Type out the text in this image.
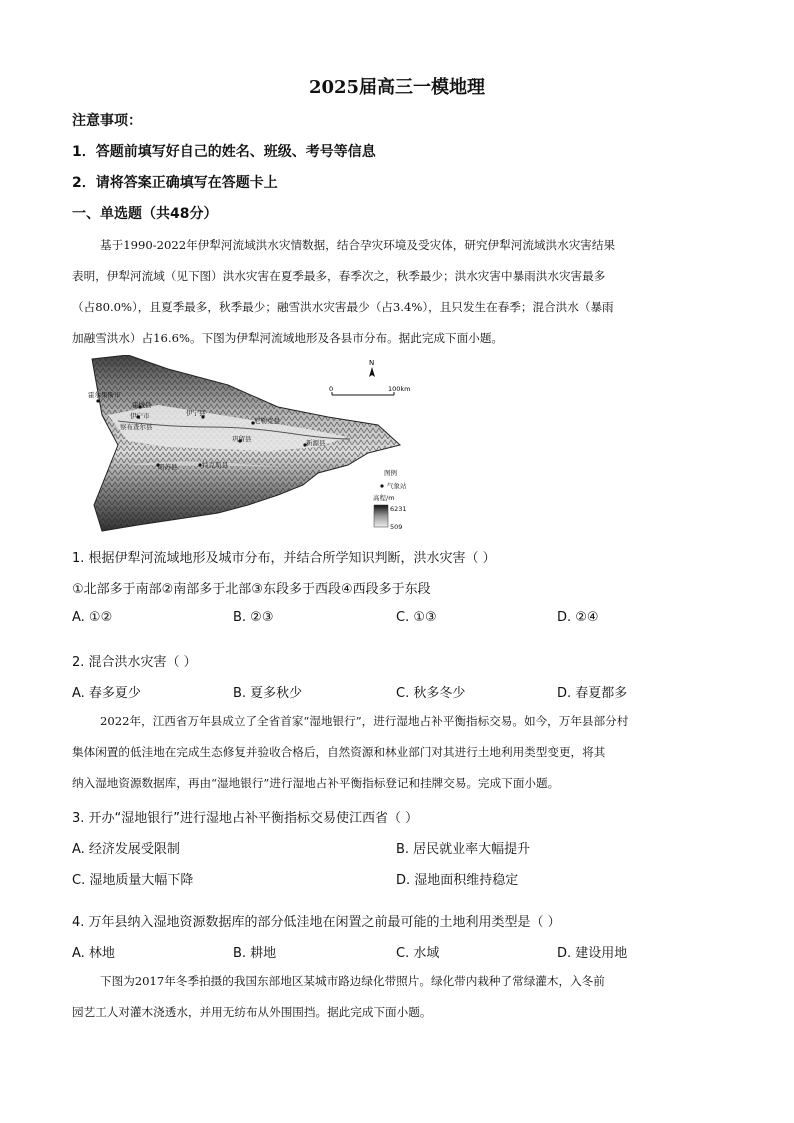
2025届高三一模地理
注意事项：
1．答题前填写好自己的姓名、班级、考号等信息
2．请将答案正确填写在答题卡上
一、单选题（共48分）
基于1990-2022年伊犁河流域洪水灾情数据，结合孕灾环境及受灾体，研究伊犁河流域洪水灾害结果
表明，伊犁河流域（见下图）洪水灾害在夏季最多，春季次之，秋季最少；洪水灾害中暴雨洪水灾害最多
（占80.0%），且夏季最多，秋季最少；融雪洪水灾害最少（占3.4%），且只发生在春季；混合洪水（暴雨
加融雪洪水）占16.6%。下图为伊犁河流域地形及各县市分布。据此完成下面小题。
霍尔果斯市
霍城县
伊宁市	伊宁县
尼勒克县
察布查尔县
巩留县	新源县
昭苏县	特克斯县
N
0	100km
图例
气象站
高程/m
6231
509
1. 根据伊犁河流域地形及城市分布，并结合所学知识判断，洪水灾害（ ）
①北部多于南部②南部多于北部③东段多于西段④西段多于东段
A. ①②	B. ②③	C. ①③	D. ②④
2. 混合洪水灾害（ ）
A. 春多夏少	B. 夏多秋少	C. 秋多冬少	D. 春夏都多
2022年，江西省万年县成立了全省首家“湿地银行”，进行湿地占补平衡指标交易。如今，万年县部分村
集体闲置的低洼地在完成生态修复并验收合格后，自然资源和林业部门对其进行土地利用类型变更，将其
纳入湿地资源数据库，再由“湿地银行”进行湿地占补平衡指标登记和挂牌交易。完成下面小题。
3. 开办“湿地银行”进行湿地占补平衡指标交易使江西省（ ）
A. 经济发展受限制	B. 居民就业率大幅提升
C. 湿地质量大幅下降	D. 湿地面积维持稳定
4. 万年县纳入湿地资源数据库的部分低洼地在闲置之前最可能的土地利用类型是（ ）
A. 林地	B. 耕地	C. 水域	D. 建设用地
下图为2017年冬季拍摄的我国东部地区某城市路边绿化带照片。绿化带内栽种了常绿灌木，入冬前
园艺工人对灌木浇透水，并用无纺布从外围围挡。据此完成下面小题。
